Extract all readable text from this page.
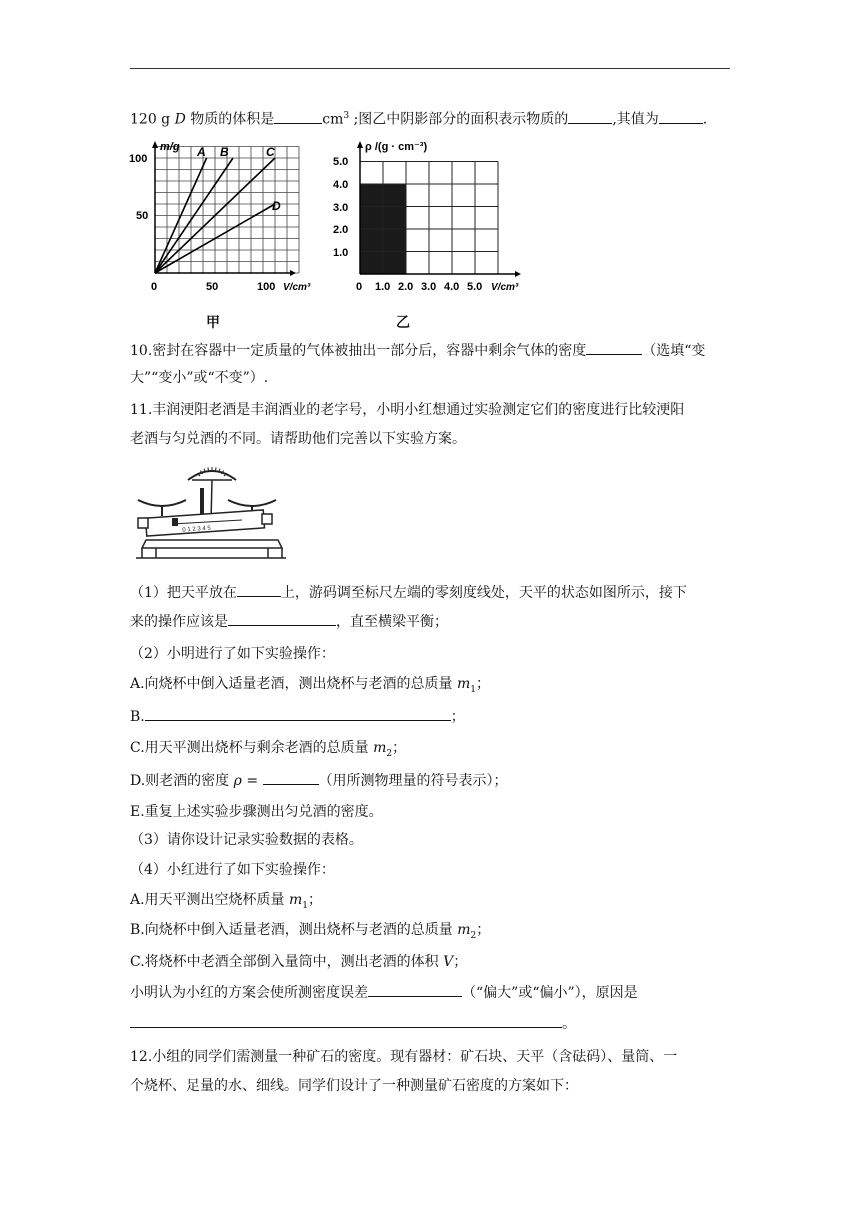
120 g D 物质的体积是	$cm^3$ ;图乙中阴影部分的面积表示物质的	,其值为	.
m/g
V/cm³
100
50
0	50	100
A B	C
D
甲
ρ /(g · cm⁻³)
V/cm³
5.0
4.0
3.0
2.0
1.0
0 1.0 2.0 3.0 4.0 5.0
乙
10.密封在容器中一定质量的气体被抽出一部分后，容器中剩余气体的密度	（选填“变
大”“变小”或“不变”）.
11.丰润浭阳老酒是丰润酒业的老字号，小明小红想通过实验测定它们的密度进行比较浭阳
老酒与匀兑酒的不同。请帮助他们完善以下实验方案。
0 1 2 3 4 5
（1）把天平放在	上，游码调至标尺左端的零刻度线处，天平的状态如图所示，接下
来的操作应该是	，直至横梁平衡；
（2）小明进行了如下实验操作：
A.向烧杯中倒入适量老酒，测出烧杯与老酒的总质量 $m_1$；
B.	；
C.用天平测出烧杯与剩余老酒的总质量 $m_2$；
D.则老酒的密度 ρ =	（用所测物理量的符号表示）；
E.重复上述实验步骤测出匀兑酒的密度。
（3）请你设计记录实验数据的表格。
（4）小红进行了如下实验操作：
A.用天平测出空烧杯质量 $m_1$；
B.向烧杯中倒入适量老酒，测出烧杯与老酒的总质量 $m_2$；
C.将烧杯中老酒全部倒入量筒中，测出老酒的体积 V；
小明认为小红的方案会使所测密度误差	（“偏大”或“偏小”），原因是
。
12.小组的同学们需测量一种矿石的密度。现有器材：矿石块、天平（含砝码）、量筒、一
个烧杯、足量的水、细线。同学们设计了一种测量矿石密度的方案如下：
